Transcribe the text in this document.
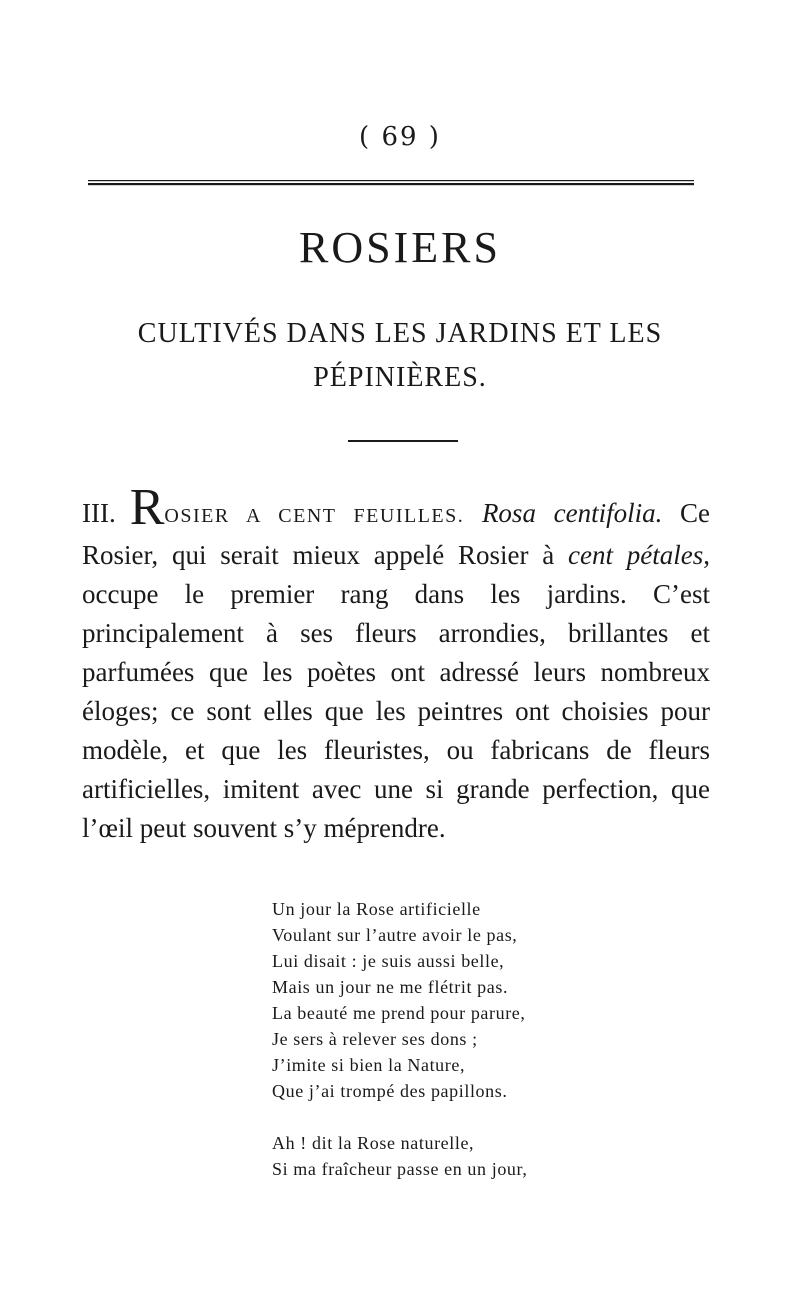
( 69 )
ROSIERS
CULTIVÉS DANS LES JARDINS ET LES
PÉPINIÈRES.
III. ROSIER A CENT FEUILLES. Rosa centifolia. Ce Rosier, qui serait mieux appelé Rosier à cent pétales, occupe le premier rang dans les jardins. C’est principalement à ses fleurs arrondies, brillantes et parfumées que les poètes ont adressé leurs nombreux éloges; ce sont elles que les peintres ont choisies pour modèle, et que les fleuristes, ou fabricans de fleurs artificielles, imitent avec une si grande perfection, que l’œil peut souvent s’y méprendre.
Un jour la Rose artificielle
Voulant sur l’autre avoir le pas,
Lui disait : je suis aussi belle,
Mais un jour ne me flétrit pas.
La beauté me prend pour parure,
Je sers à relever ses dons ;
J’imite si bien la Nature,
Que j’ai trompé des papillons.
Ah ! dit la Rose naturelle,
Si ma fraîcheur passe en un jour,
